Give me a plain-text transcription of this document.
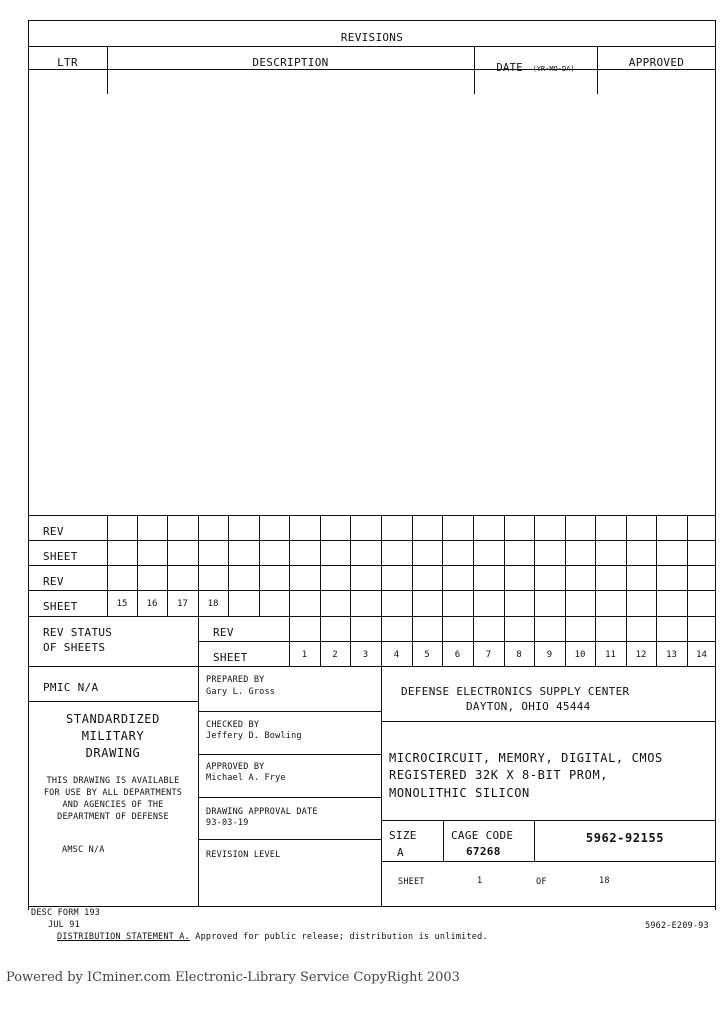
REVISIONS
LTR	DESCRIPTION	DATE (YR-MO-DA)	APPROVED
REV
SHEET
REV
SHEET	15	16	17	18
REV STATUS
OF SHEETS
REV
SHEET	1	2	3	4	5	6	7	8	9	10	11	12	13	14
PMIC N/A
STANDARDIZED
MILITARY
DRAWING
THIS DRAWING IS AVAILABLE
FOR USE BY ALL DEPARTMENTS
AND AGENCIES OF THE
DEPARTMENT OF DEFENSE
AMSC N/A
PREPARED BY
Gary L. Gross
CHECKED BY
Jeffery D. Bowling
APPROVED BY
Michael A. Frye
DRAWING APPROVAL DATE
93-03-19
REVISION LEVEL
DEFENSE ELECTRONICS SUPPLY CENTER
DAYTON, OHIO 45444
MICROCIRCUIT, MEMORY, DIGITAL, CMOS
REGISTERED 32K X 8-BIT PROM,
MONOLITHIC SILICON
SIZE
A
CAGE CODE
67268
5962-92155
SHEET	1	OF	18
DESC FORM 193
JUL 91
DISTRIBUTION STATEMENT A. Approved for public release; distribution is unlimited.
5962-E209-93
Powered by ICminer.com Electronic-Library Service CopyRight 2003
